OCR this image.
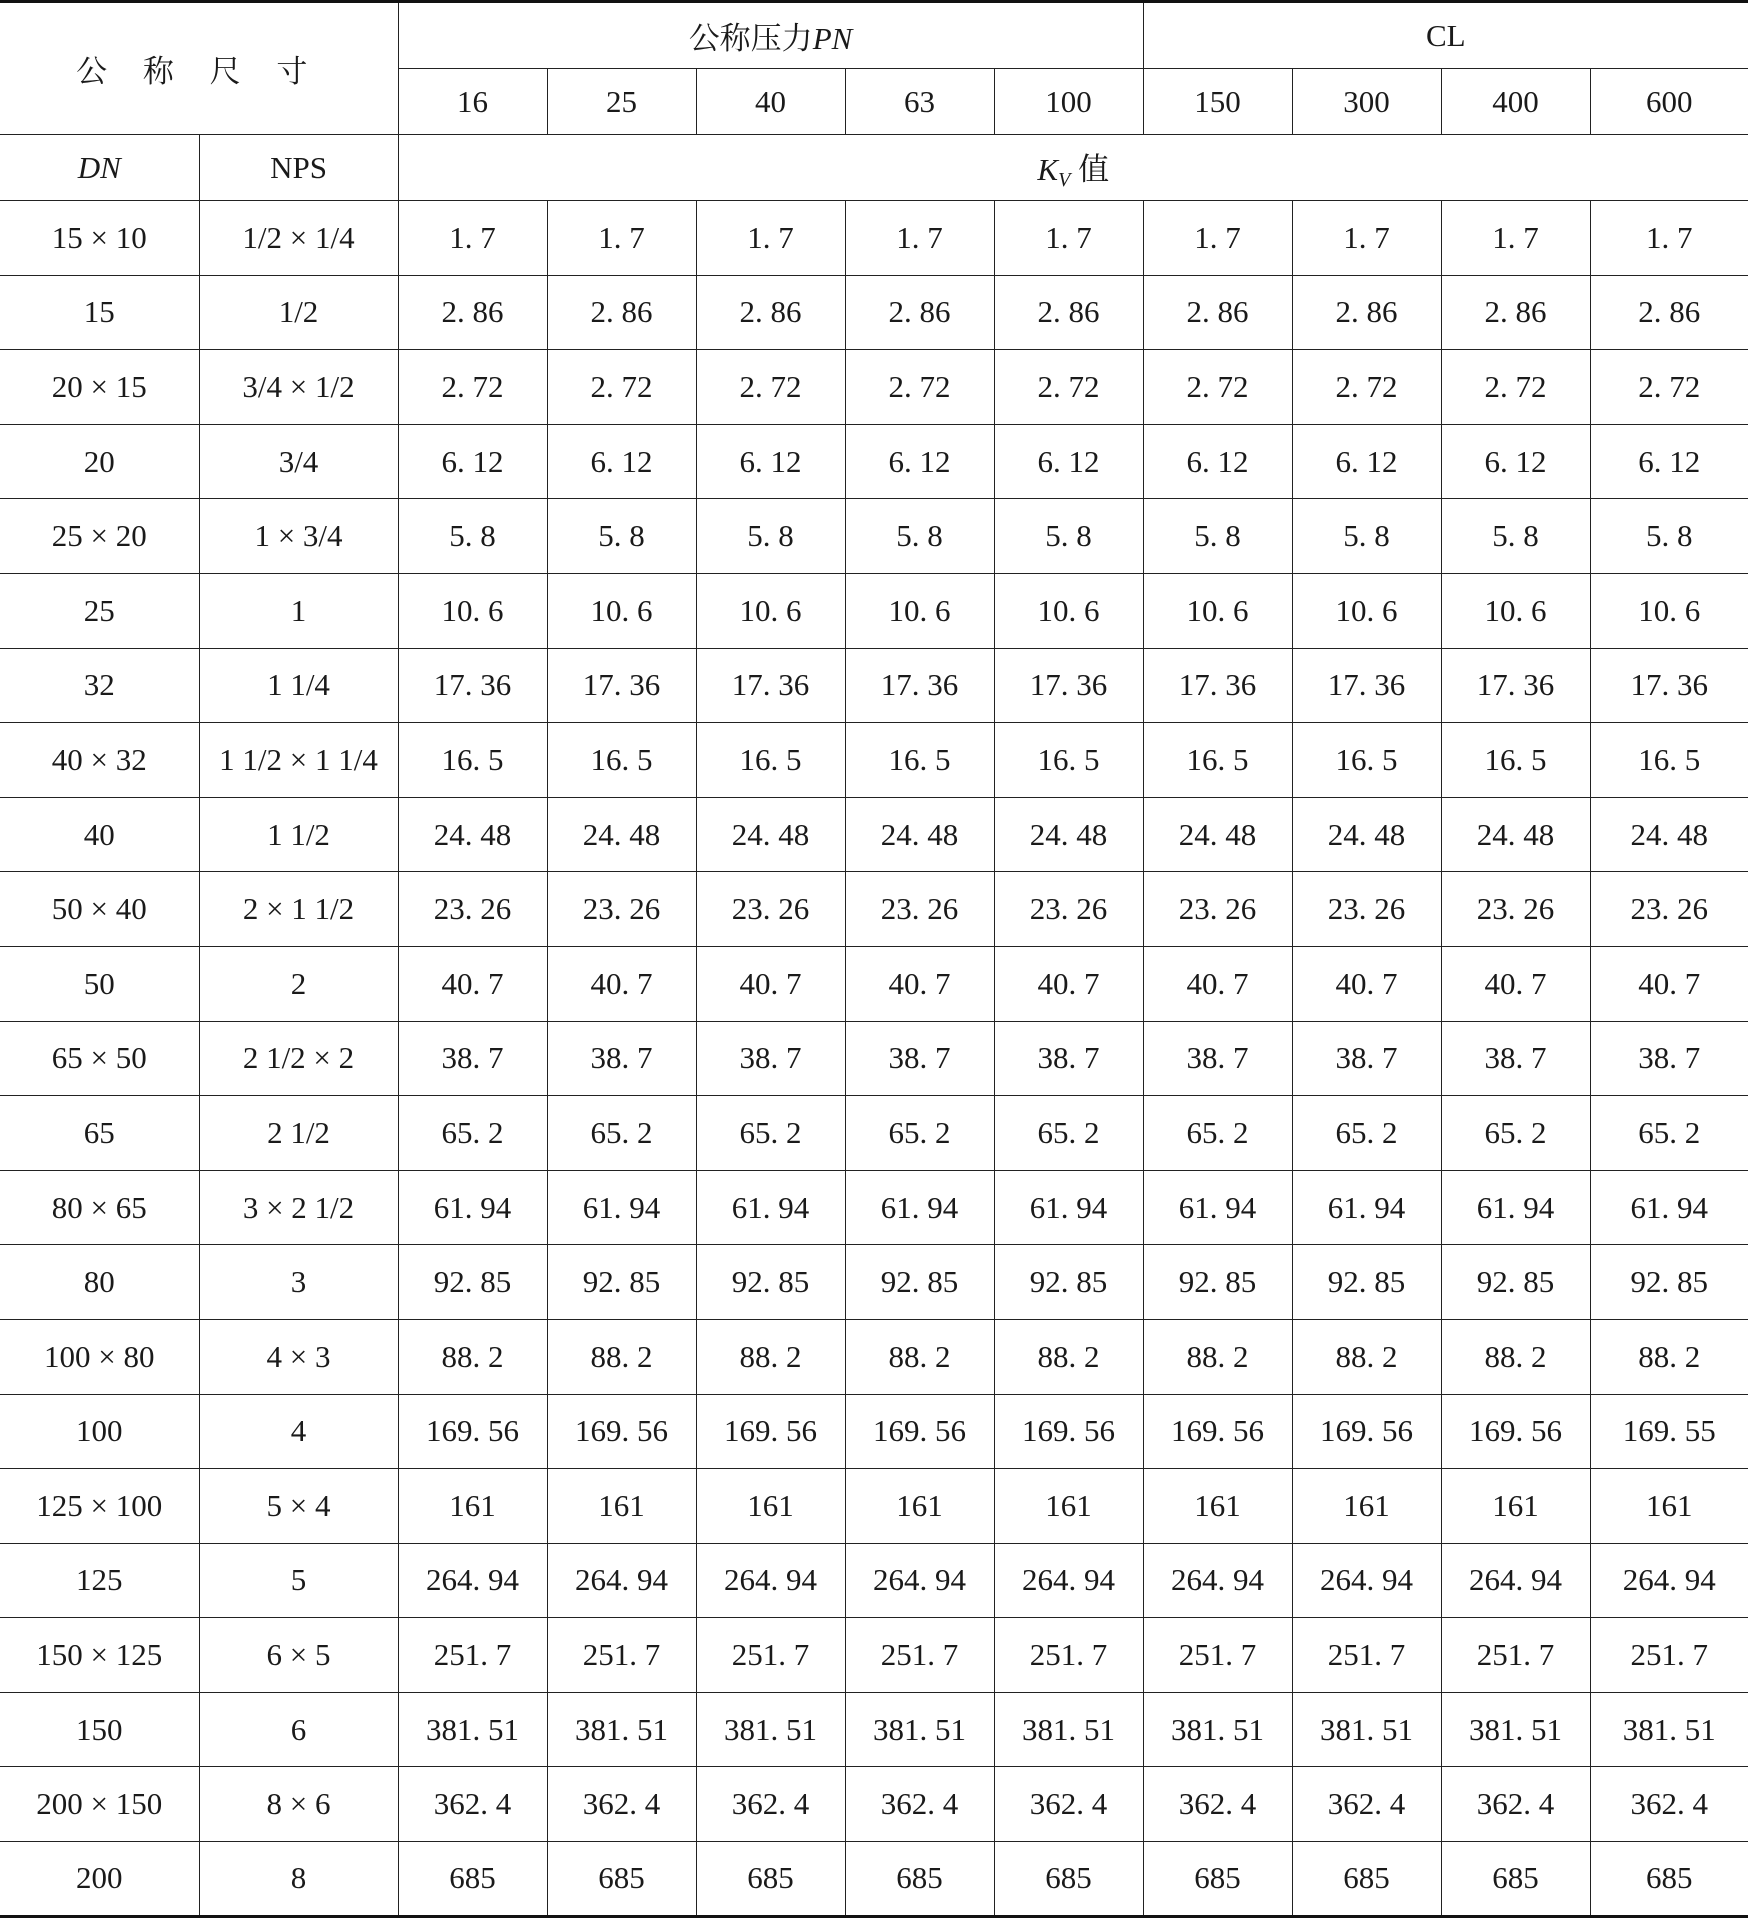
公 称 尺 寸		公称压力PN					CL			
		16	25	40	63	100	150	300	400	600
DN	NPS	$K_V$ 值								
15 × 10	1/2 × 1/4	1. 7	1. 7	1. 7	1. 7	1. 7	1. 7	1. 7	1. 7	1. 7
15	1/2	2. 86	2. 86	2. 86	2. 86	2. 86	2. 86	2. 86	2. 86	2. 86
20 × 15	3/4 × 1/2	2. 72	2. 72	2. 72	2. 72	2. 72	2. 72	2. 72	2. 72	2. 72
20	3/4	6. 12	6. 12	6. 12	6. 12	6. 12	6. 12	6. 12	6. 12	6. 12
25 × 20	1 × 3/4	5. 8	5. 8	5. 8	5. 8	5. 8	5. 8	5. 8	5. 8	5. 8
25	1	10. 6	10. 6	10. 6	10. 6	10. 6	10. 6	10. 6	10. 6	10. 6
32	1 1/4	17. 36	17. 36	17. 36	17. 36	17. 36	17. 36	17. 36	17. 36	17. 36
40 × 32	1 1/2 × 1 1/4	16. 5	16. 5	16. 5	16. 5	16. 5	16. 5	16. 5	16. 5	16. 5
40	1 1/2	24. 48	24. 48	24. 48	24. 48	24. 48	24. 48	24. 48	24. 48	24. 48
50 × 40	2 × 1 1/2	23. 26	23. 26	23. 26	23. 26	23. 26	23. 26	23. 26	23. 26	23. 26
50	2	40. 7	40. 7	40. 7	40. 7	40. 7	40. 7	40. 7	40. 7	40. 7
65 × 50	2 1/2 × 2	38. 7	38. 7	38. 7	38. 7	38. 7	38. 7	38. 7	38. 7	38. 7
65	2 1/2	65. 2	65. 2	65. 2	65. 2	65. 2	65. 2	65. 2	65. 2	65. 2
80 × 65	3 × 2 1/2	61. 94	61. 94	61. 94	61. 94	61. 94	61. 94	61. 94	61. 94	61. 94
80	3	92. 85	92. 85	92. 85	92. 85	92. 85	92. 85	92. 85	92. 85	92. 85
100 × 80	4 × 3	88. 2	88. 2	88. 2	88. 2	88. 2	88. 2	88. 2	88. 2	88. 2
100	4	169. 56	169. 56	169. 56	169. 56	169. 56	169. 56	169. 56	169. 56	169. 55
125 × 100	5 × 4	161	161	161	161	161	161	161	161	161
125	5	264. 94	264. 94	264. 94	264. 94	264. 94	264. 94	264. 94	264. 94	264. 94
150 × 125	6 × 5	251. 7	251. 7	251. 7	251. 7	251. 7	251. 7	251. 7	251. 7	251. 7
150	6	381. 51	381. 51	381. 51	381. 51	381. 51	381. 51	381. 51	381. 51	381. 51
200 × 150	8 × 6	362. 4	362. 4	362. 4	362. 4	362. 4	362. 4	362. 4	362. 4	362. 4
200	8	685	685	685	685	685	685	685	685	685
